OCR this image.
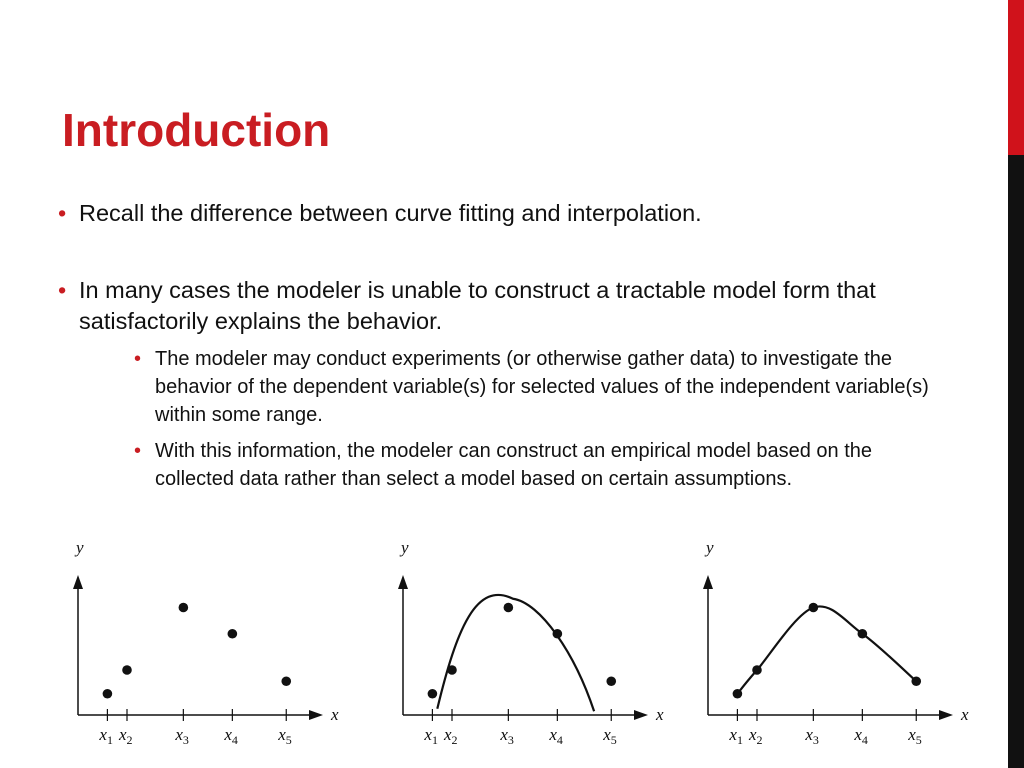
Introduction
• Recall the difference between curve fitting and interpolation.
• In many cases the modeler is unable to construct a tractable model form that satisfactorily explains the behavior.
• The modeler may conduct experiments (or otherwise gather data) to investigate the behavior of the dependent variable(s) for selected values of the independent variable(s) within some range.
• With this information, the modeler can construct an empirical model based on the collected data rather than select a model based on certain assumptions.
x
y
$x_1$ $x_2$	$x_3$ $x_4$ $x_5$
x
y
$x_1$ $x_2$	$x_3$ $x_4$ $x_5$
x
y
$x_1$ $x_2$	$x_3$ $x_4$ $x_5$
